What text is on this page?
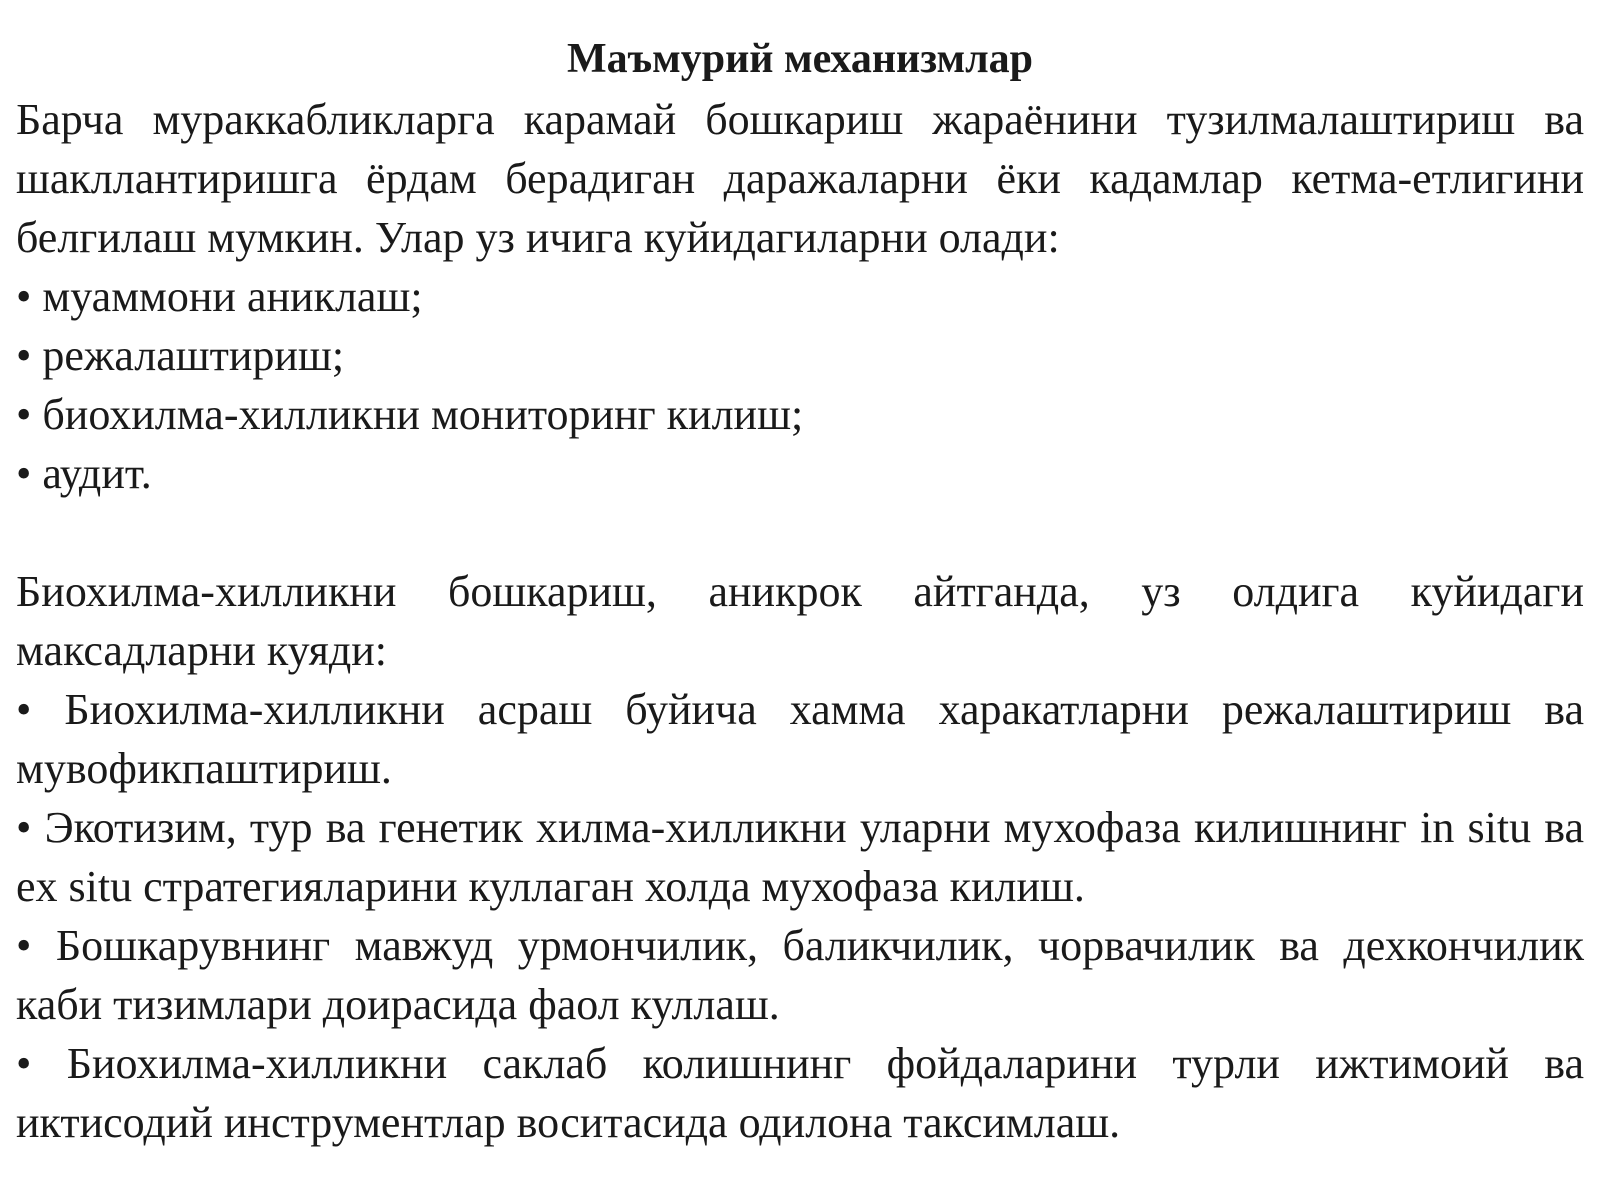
Маъмурий механизмлар

Барча мураккабликларга карамай бошкариш жараёнини тузилмалаштириш ва шакллантиришга ёрдам берадиган даражаларни ёки кадамлар кетма-етлигини белгилаш мумкин. Улар уз ичига куйидагиларни олади:

• муаммони аниклаш;
• режалаштириш;
• биохилма-хилликни мониторинг килиш;
• аудит.

Биохилма-хилликни бошкариш, аникрок айтганда, уз олдига куйидаги максадларни куяди:

• Биохилма-хилликни асраш буйича хамма харакатларни режалаштириш ва мувофикпаштириш.
• Экотизим, тур ва генетик хилма-хилликни уларни мухофаза килишнинг in situ ва ex situ стратегияларини куллаган холда мухофаза килиш.
• Бошкарувнинг мавжуд урмончилик, баликчилик, чорвачилик ва дехкончилик каби тизимлари доирасида фаол куллаш.
• Биохилма-хилликни саклаб колишнинг фойдаларини турли ижтимоий ва иктисодий инструментлар воситасида одилона таксимлаш.
